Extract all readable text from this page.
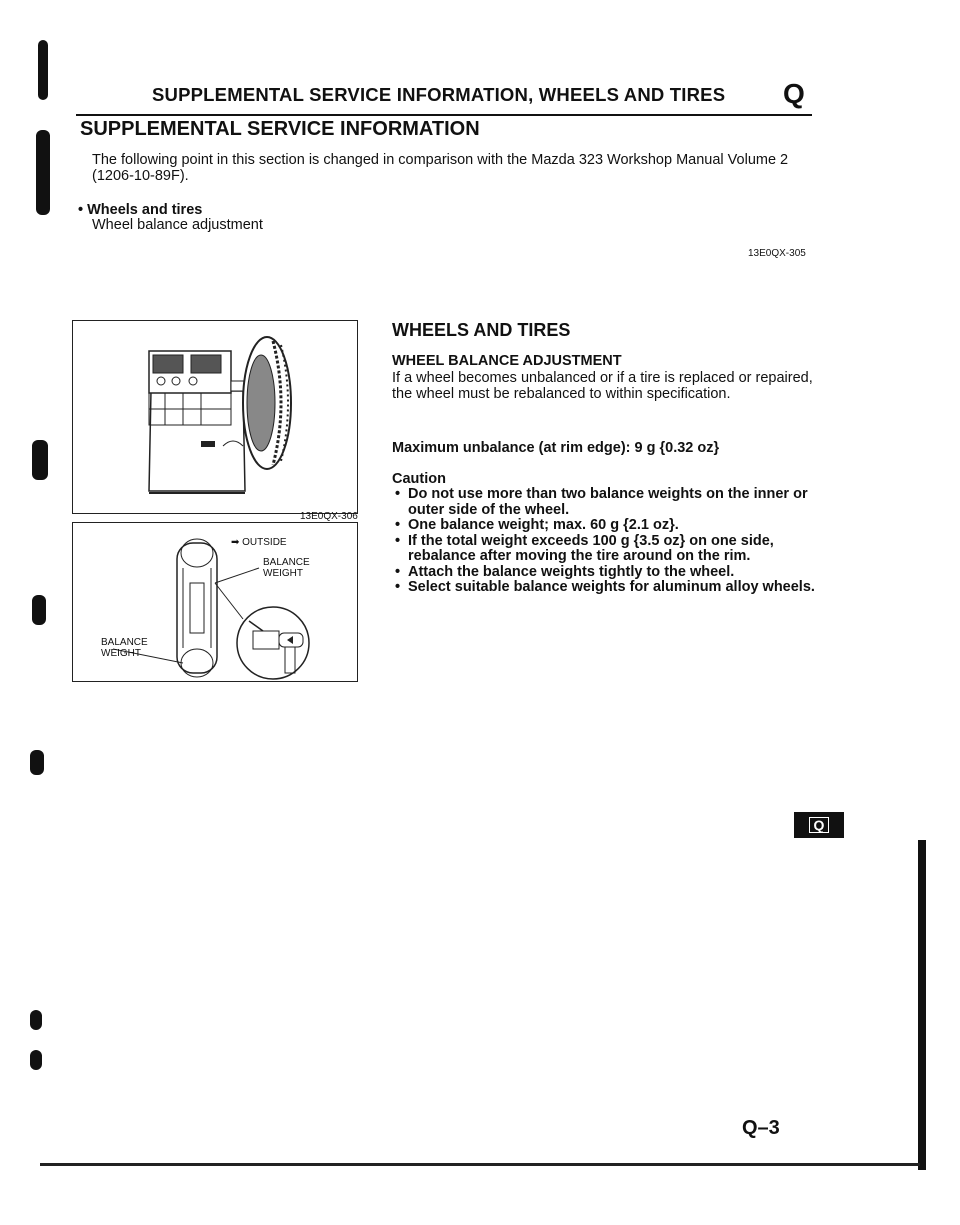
SUPPLEMENTAL SERVICE INFORMATION, WHEELS AND TIRES Q
SUPPLEMENTAL SERVICE INFORMATION
The following point in this section is changed in comparison with the Mazda 323 Workshop Manual Volume 2 (1206-10-89F).
• Wheels and tires
Wheel balance adjustment
13E0QX-305
13E0QX-306
➡ OUTSIDE
BALANCE
WEIGHT
BALANCE
WEIGHT
WHEELS AND TIRES
WHEEL BALANCE ADJUSTMENT
If a wheel becomes unbalanced or if a tire is replaced or repaired, the wheel must be rebalanced to within specification.
Maximum unbalance (at rim edge): 9 g {0.32 oz}
Caution
• Do not use more than two balance weights on the inner or outer side of the wheel.
• One balance weight; max. 60 g {2.1 oz}.
• If the total weight exceeds 100 g {3.5 oz} on one side, rebalance after moving the tire around on the rim.
• Attach the balance weights tightly to the wheel.
• Select suitable balance weights for aluminum alloy wheels.
Q
Q–3
